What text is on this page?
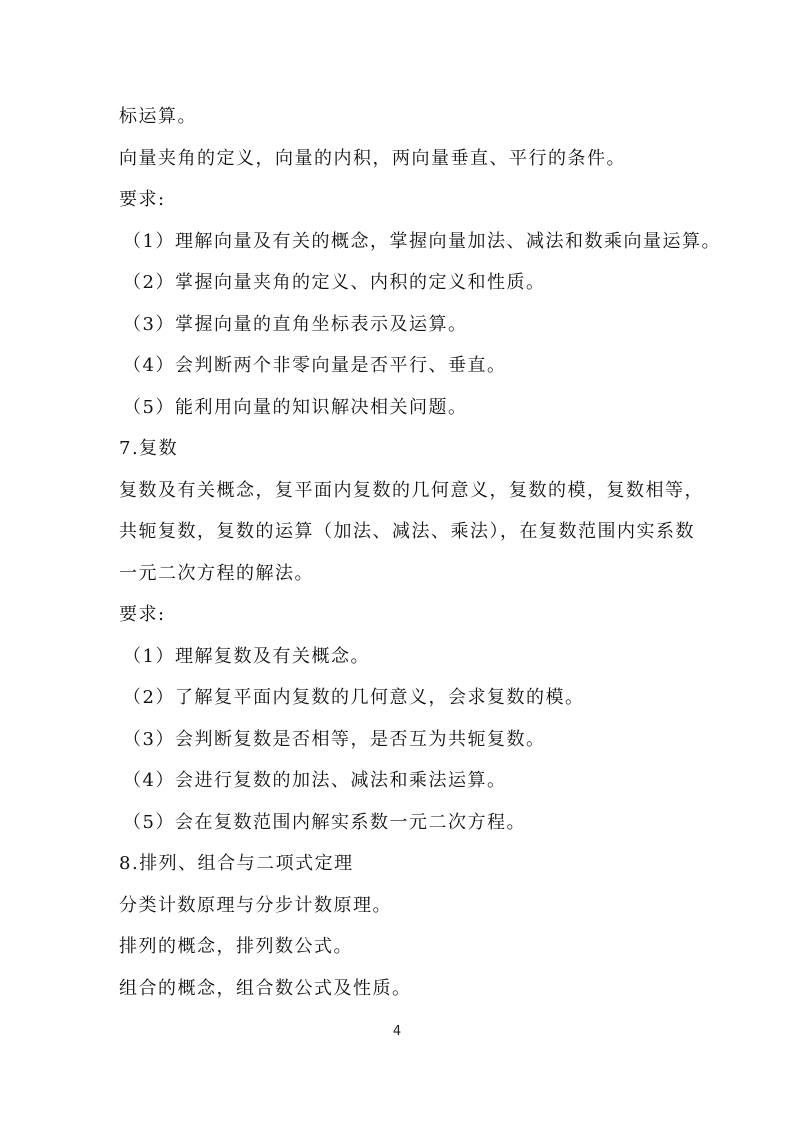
标运算。
向量夹角的定义，向量的内积，两向量垂直、平行的条件。
要求:
（1）理解向量及有关的概念，掌握向量加法、减法和数乘向量运算。
（2）掌握向量夹角的定义、内积的定义和性质。
（3）掌握向量的直角坐标表示及运算。
（4）会判断两个非零向量是否平行、垂直。
（5）能利用向量的知识解决相关问题。
7.复数
复数及有关概念，复平面内复数的几何意义，复数的模，复数相等，
共轭复数，复数的运算（加法、减法、乘法），在复数范围内实系数
一元二次方程的解法。
要求:
（1）理解复数及有关概念。
（2）了解复平面内复数的几何意义，会求复数的模。
（3）会判断复数是否相等，是否互为共轭复数。
（4）会进行复数的加法、减法和乘法运算。
（5）会在复数范围内解实系数一元二次方程。
8.排列、组合与二项式定理
分类计数原理与分步计数原理。
排列的概念，排列数公式。
组合的概念，组合数公式及性质。
4
